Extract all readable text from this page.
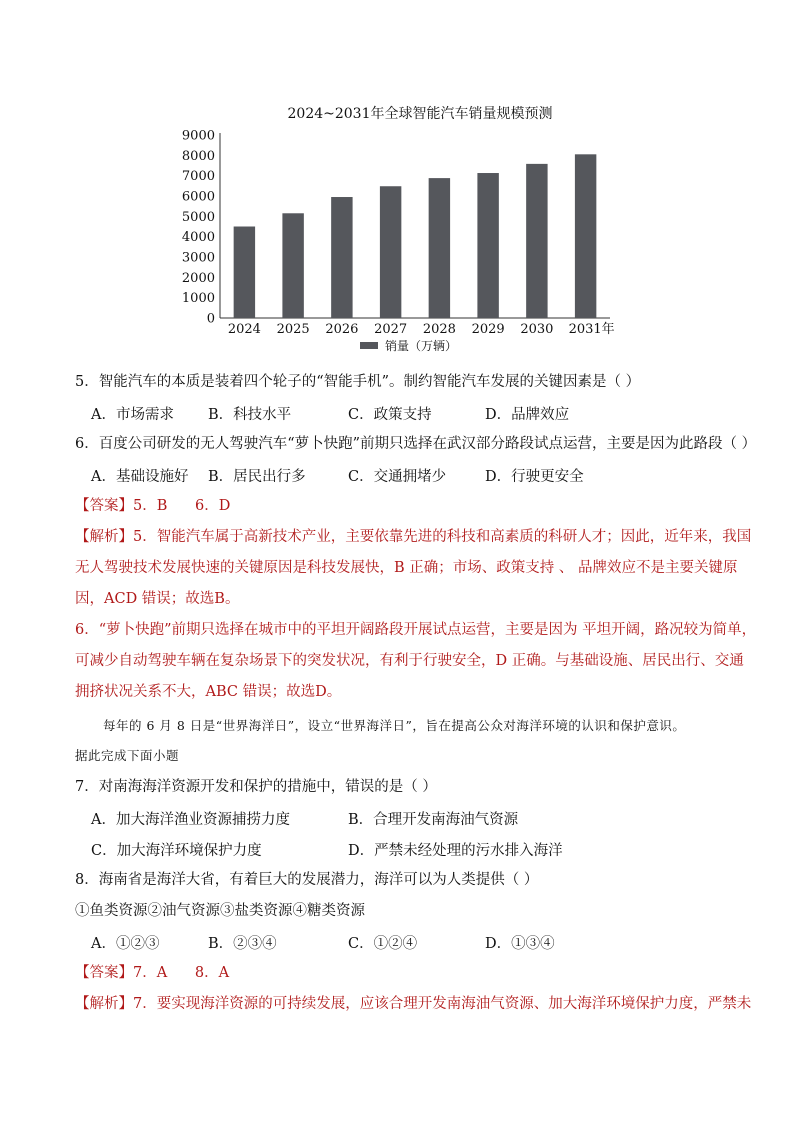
2024~2031年全球智能汽车销量规模预测
0
1000
2000
3000
4000
5000
6000
7000
8000
9000
2024 2025 2026 2027 2028 2029 2030 2031年
销量（万辆）
5．智能汽车的本质是装着四个轮子的“智能手机”。制约智能汽车发展的关键因素是（ ）
A．市场需求 B．科技水平	C．政策支持	D．品牌效应
6．百度公司研发的无人驾驶汽车“萝卜快跑”前期只选择在武汉部分路段试点运营，主要是因为此路段（ ）
A．基础设施好 B．居民出行多	C．交通拥堵少	D．行驶更安全
【答案】5．B      6．D
【解析】5．智能汽车属于高新技术产业，主要依靠先进的科技和高素质的科研人才；因此，近年来，我国
无人驾驶技术发展快速的关键原因是科技发展快，B 正确；市场、政策支持 、 品牌效应不是主要关键原
因，ACD 错误；故选B。
6．“萝卜快跑”前期只选择在城市中的平坦开阔路段开展试点运营，主要是因为 平坦开阔，路况较为简单，
可减少自动驾驶车辆在复杂场景下的突发状况，有利于行驶安全，D 正确。与基础设施、居民出行、交通
拥挤状况关系不大，ABC 错误；故选D。
每年的 6 月 8 日是“世界海洋日”，设立“世界海洋日”，旨在提高公众对海洋环境的认识和保护意识。
据此完成下面小题
7．对南海海洋资源开发和保护的措施中，错误的是（ ）
A．加大海洋渔业资源捕捞力度	B．合理开发南海油气资源
C．加大海洋环境保护力度	D．严禁未经处理的污水排入海洋
8．海南省是海洋大省，有着巨大的发展潜力，海洋可以为人类提供（ ）
①鱼类资源②油气资源③盐类资源④糖类资源
A．①②③	B．②③④	C．①②④	D．①③④
【答案】7．A      8．A
【解析】7．要实现海洋资源的可持续发展，应该合理开发南海油气资源、加大海洋环境保护力度，严禁未
